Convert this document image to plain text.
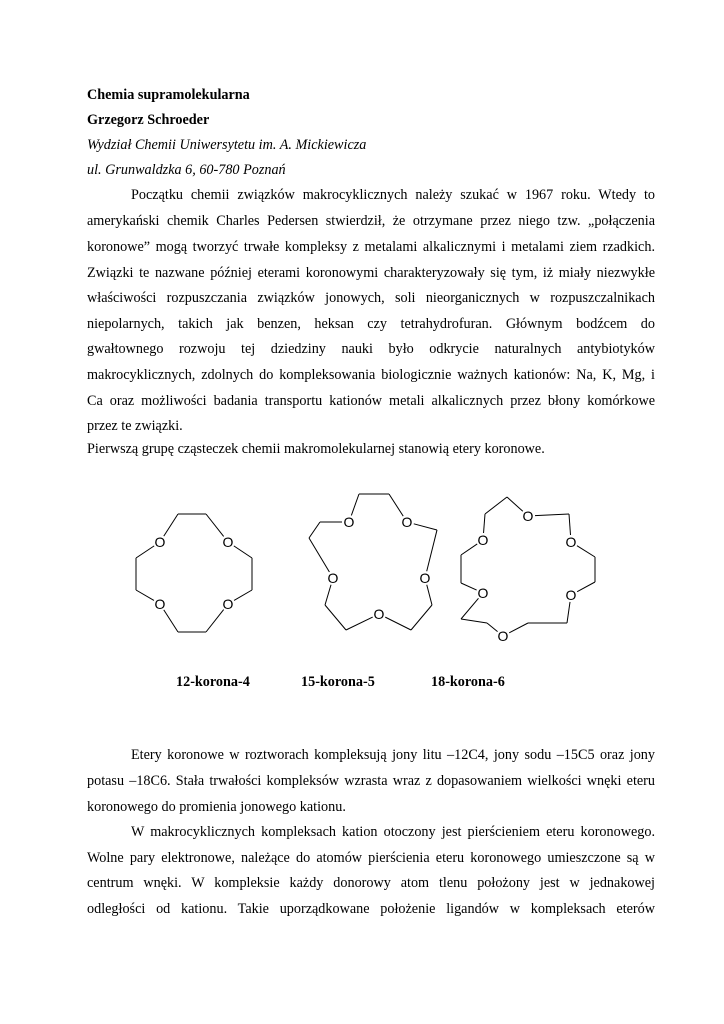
Chemia supramolekularna
Grzegorz Schroeder
Wydział Chemii Uniwersytetu im. A. Mickiewicza
ul. Grunwaldzka 6, 60-780 Poznań
Początku chemii związków makrocyklicznych należy szukać w 1967 roku. Wtedy to
amerykański chemik Charles Pedersen stwierdził, że otrzymane przez niego tzw. „połączenia
koronowe” mogą tworzyć trwałe kompleksy z metalami alkalicznymi i metalami ziem rzadkich.
Związki te nazwane później eterami koronowymi charakteryzowały się tym, iż miały niezwykłe
właściwości rozpuszczania związków jonowych, soli nieorganicznych w rozpuszczalnikach
niepolarnych, takich jak benzen, heksan czy tetrahydrofuran. Głównym bodźcem do
gwałtownego rozwoju tej dziedziny nauki było odkrycie naturalnych antybiotyków
makrocyklicznych, zdolnych do kompleksowania biologicznie ważnych kationów: Na, K, Mg, i
Ca oraz możliwości badania transportu kationów metali alkalicznych przez błony komórkowe
przez te związki.
Pierwszą grupę cząsteczek chemii makromolekularnej stanowią etery koronowe.
O
O
O
O
O
O
O
O
O	O
O
O
O
O
O
12-korona-4	15-korona-5	18-korona-6
Etery koronowe w roztworach kompleksują jony litu –12C4, jony sodu –15C5 oraz jony
potasu –18C6. Stała trwałości kompleksów wzrasta wraz z dopasowaniem wielkości wnęki eteru
koronowego do promienia jonowego kationu.
W makrocyklicznych kompleksach kation otoczony jest pierścieniem eteru koronowego.
Wolne pary elektronowe, należące do atomów pierścienia eteru koronowego umieszczone są w
centrum wnęki. W kompleksie każdy donorowy atom tlenu położony jest w jednakowej
odległości od kationu. Takie uporządkowane położenie ligandów w kompleksach eterów
